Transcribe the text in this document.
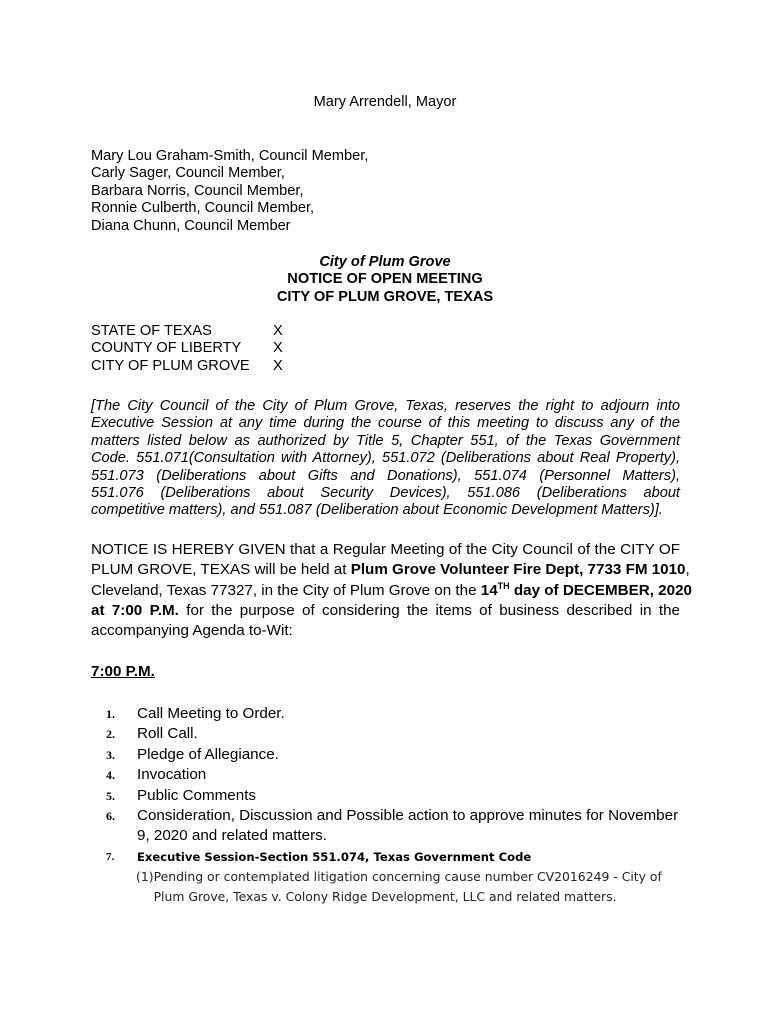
Mary Arrendell, Mayor
Mary Lou Graham-Smith, Council Member,
Carly Sager, Council Member,
Barbara Norris, Council Member,
Ronnie Culberth, Council Member,
Diana Chunn, Council Member
City of Plum Grove
NOTICE OF OPEN MEETING
CITY OF PLUM GROVE, TEXAS
STATE OF TEXAS	X
COUNTY OF LIBERTY	X
CITY OF PLUM GROVE	X
[The City Council of the City of Plum Grove, Texas, reserves the right to adjourn into
Executive Session at any time during the course of this meeting to discuss any of the
matters listed below as authorized by Title 5, Chapter 551, of the Texas Government
Code. 551.071(Consultation with Attorney), 551.072 (Deliberations about Real Property),
551.073 (Deliberations about Gifts and Donations), 551.074 (Personnel Matters),
551.076 (Deliberations about Security Devices), 551.086 (Deliberations about
competitive matters), and 551.087 (Deliberation about Economic Development Matters)].
NOTICE IS HEREBY GIVEN that a Regular Meeting of the City Council of the CITY OF
PLUM GROVE, TEXAS will be held at Plum Grove Volunteer Fire Dept, 7733 FM 1010,
Cleveland, Texas 77327, in the City of Plum Grove on the 14TH day of DECEMBER, 2020
at 7:00 P.M. for the purpose of considering the items of business described in the
accompanying Agenda to-Wit:
7:00 P.M.
1.	Call Meeting to Order.
2.	Roll Call.
3.	Pledge of Allegiance.
4.	Invocation
5.	Public Comments
6.	Consideration, Discussion and Possible action to approve minutes for November 9, 2020 and related matters.
7.	Executive Session-Section 551.074, Texas Government Code
(1) Pending or contemplated litigation concerning cause number CV2016249 - City of Plum Grove, Texas v. Colony Ridge Development, LLC and related matters.
